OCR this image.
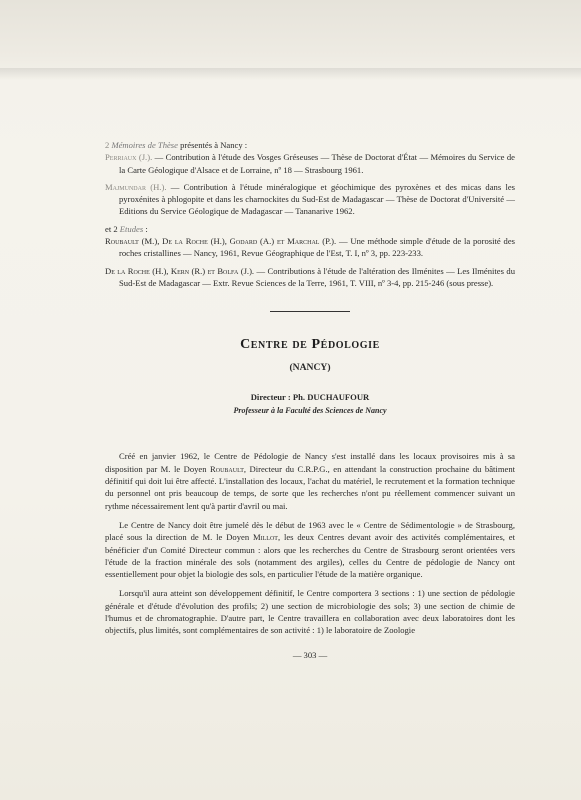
2 Mémoires de Thèse présentés à Nancy :

Perriaux (J.). — Contribution à l'étude des Vosges Gréseuses — Thèse de Doctorat d'État — Mémoires du Service de la Carte Géologique d'Alsace et de Lorraine, nº 18 — Strasbourg 1961.

Majmundar (H.). — Contribution à l'étude minéralogique et géochimique des pyroxènes et des micas dans les pyroxénites à phlogopite et dans les charnockites du Sud-Est de Madagascar — Thèse de Doctorat d'Université — Editions du Service Géologique de Madagascar — Tananarive 1962.

et 2 Etudes :

Roubault (M.), De la Roche (H.), Godard (A.) et Marchal (P.). — Une méthode simple d'étude de la porosité des roches cristallines — Nancy, 1961, Revue Géographique de l'Est, T. I, nº 3, pp. 223-233.

De la Roche (H.), Kern (R.) et Bolfa (J.). — Contributions à l'étude de l'altération des Ilménites — Les Ilménites du Sud-Est de Madagascar — Extr. Revue Sciences de la Terre, 1961, T. VIII, nº 3-4, pp. 215-246 (sous presse).

Centre de Pédologie

(NANCY)

Directeur : Ph. DUCHAUFOUR

Professeur à la Faculté des Sciences de Nancy

Créé en janvier 1962, le Centre de Pédologie de Nancy s'est installé dans les locaux provisoires mis à sa disposition par M. le Doyen Roubault, Directeur du C.R.P.G., en attendant la construction prochaine du bâtiment définitif qui doit lui être affecté. L'installation des locaux, l'achat du matériel, le recrutement et la formation technique du personnel ont pris beaucoup de temps, de sorte que les recherches n'ont pu réellement commencer suivant un rythme nécessairement lent qu'à partir d'avril ou mai.

Le Centre de Nancy doit être jumelé dès le début de 1963 avec le « Centre de Sédimentologie » de Strasbourg, placé sous la direction de M. le Doyen Millot, les deux Centres devant avoir des activités complémentaires, et bénéficier d'un Comité Directeur commun : alors que les recherches du Centre de Strasbourg seront orientées vers l'étude de la fraction minérale des sols (notamment des argiles), celles du Centre de pédologie de Nancy ont essentiellement pour objet la biologie des sols, en particulier l'étude de la matière organique.

Lorsqu'il aura atteint son développement définitif, le Centre comportera 3 sections : 1) une section de pédologie générale et d'étude d'évolution des profils; 2) une section de microbiologie des sols; 3) une section de chimie de l'humus et de chromatographie. D'autre part, le Centre travaillera en collaboration avec deux laboratoires dont les objectifs, plus limités, sont complémentaires de son activité : 1) le laboratoire de Zoologie

— 303 —
